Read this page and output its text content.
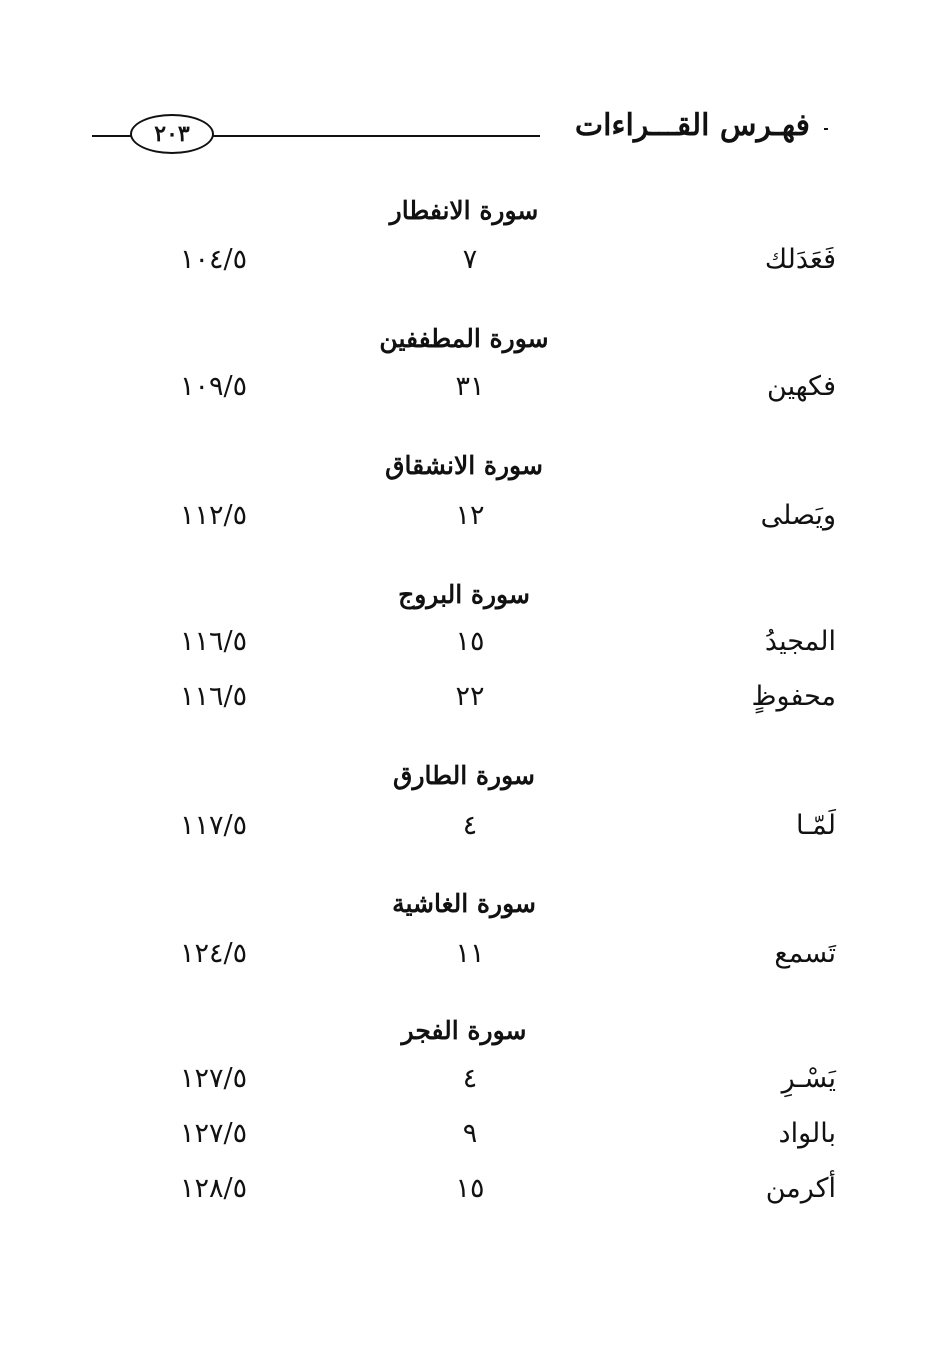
فهـرس القـــراءات
٢٠٣
سورة الانفطار
فَعَدَلك
٧
١٠٤/٥
سورة المطففين
فكهين
٣١
١٠٩/٥
سورة الانشقاق
ويَصلى
١٢
١١٢/٥
سورة البروج
المجيدُ
١٥
١١٦/٥
محفوظٍ
٢٢
١١٦/٥
سورة الطارق
لَمّـا
٤
١١٧/٥
سورة الغاشية
تَسمع
١١
١٢٤/٥
سورة الفجر
يَسْـرِ
٤
١٢٧/٥
بالواد
٩
١٢٧/٥
أكرمن
١٥
١٢٨/٥
